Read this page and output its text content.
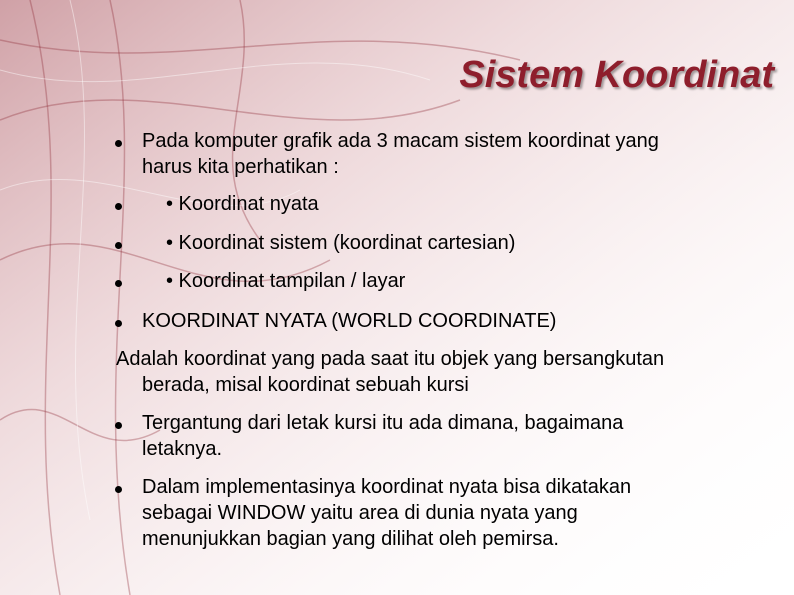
Sistem Koordinat
Pada komputer grafik ada 3 macam sistem koordinat yang
harus kita perhatikan :
• Koordinat nyata
• Koordinat sistem (koordinat cartesian)
• Koordinat tampilan / layar
KOORDINAT NYATA (WORLD COORDINATE)
Adalah koordinat yang pada saat itu objek yang bersangkutan
berada, misal koordinat sebuah kursi
Tergantung dari letak kursi itu ada dimana, bagaimana
letaknya.
Dalam implementasinya koordinat nyata bisa dikatakan
sebagai WINDOW yaitu area di dunia nyata yang
menunjukkan bagian yang dilihat oleh pemirsa.
